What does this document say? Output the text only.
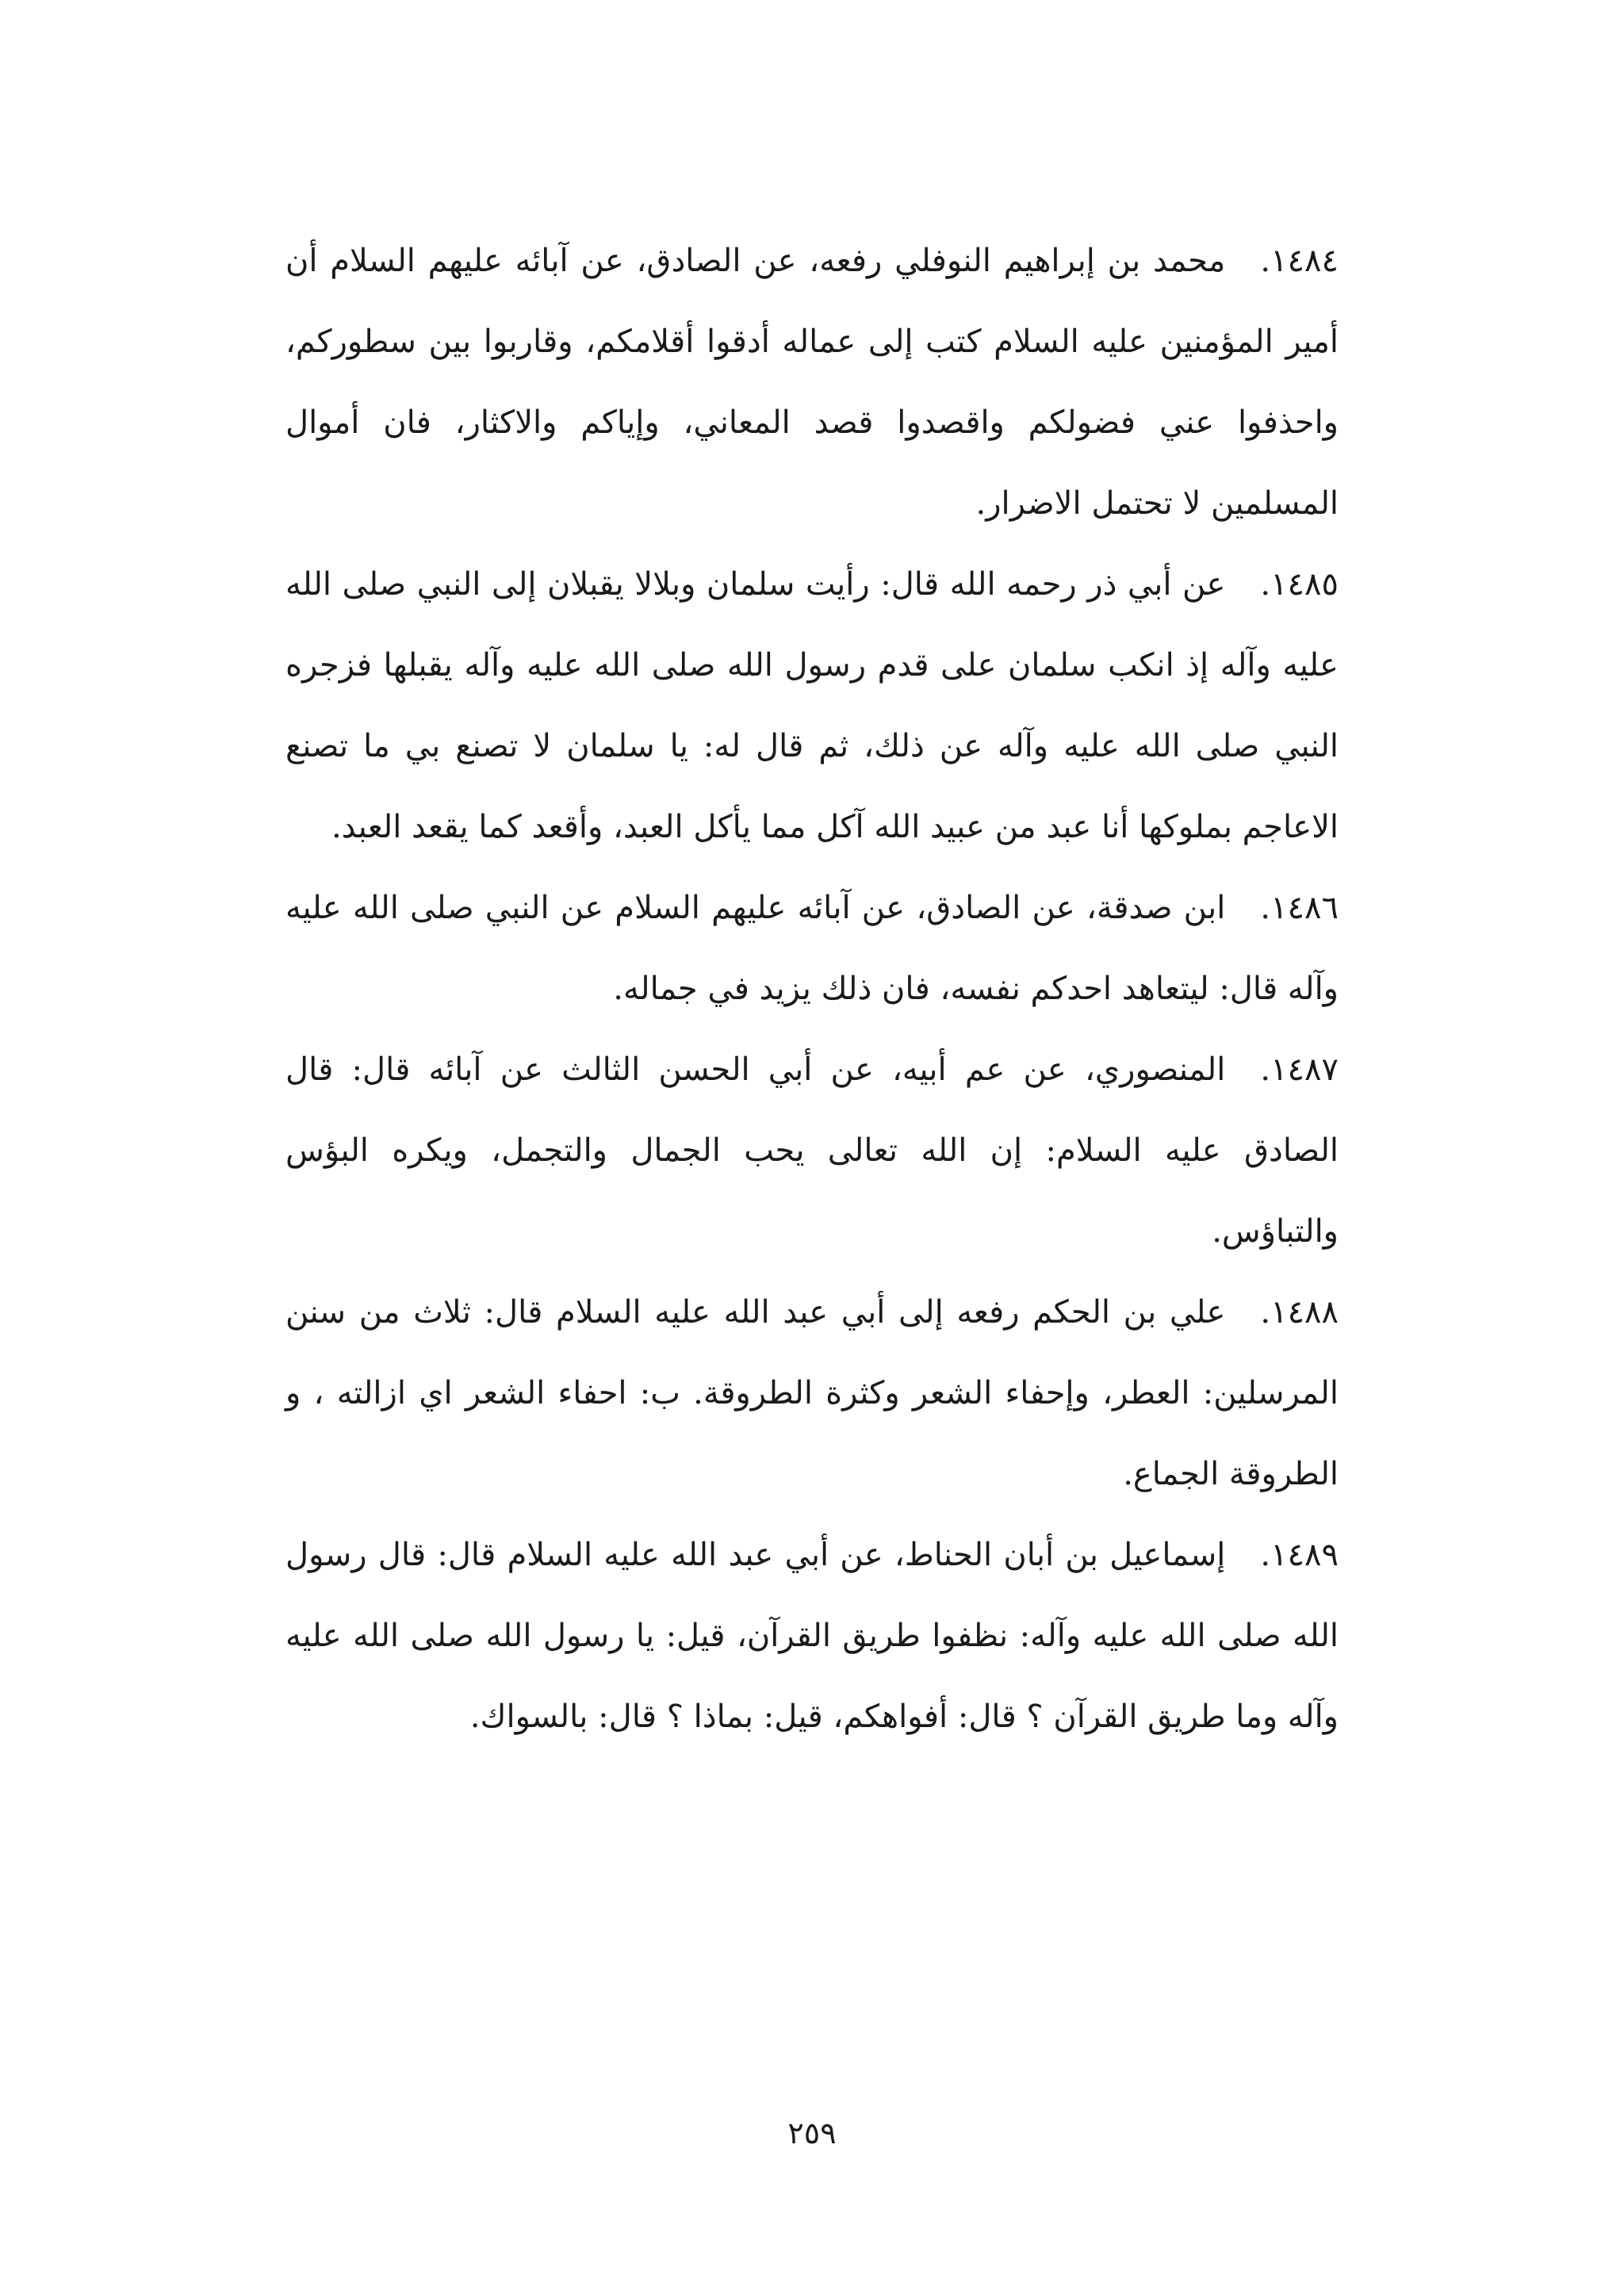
١٤٨٤.محمد بن إبراهيم النوفلي رفعه، عن الصادق، عن آبائه عليهم السلام أن أمير المؤمنين عليه السلام كتب إلى عماله أدقوا أقلامكم، وقاربوا بين سطوركم، واحذفوا عني فضولكم واقصدوا قصد المعاني، وإياكم والاكثار، فان أموال المسلمين لا تحتمل الاضرار.

١٤٨٥.عن أبي ذر رحمه الله قال: رأيت سلمان وبلالا يقبلان إلى النبي صلى الله عليه وآله إذ انكب سلمان على قدم رسول الله صلى الله عليه وآله يقبلها فزجره النبي صلى الله عليه وآله عن ذلك، ثم قال له: يا سلمان لا تصنع بي ما تصنع الاعاجم بملوكها أنا عبد من عبيد الله آكل مما يأكل العبد، وأقعد كما يقعد العبد.

١٤٨٦.ابن صدقة، عن الصادق، عن آبائه عليهم السلام عن النبي صلى الله عليه وآله قال: ليتعاهد احدكم نفسه، فان ذلك يزيد في جماله.

١٤٨٧.المنصوري، عن عم أبيه، عن أبي الحسن الثالث عن آبائه قال: قال الصادق عليه السلام: إن الله تعالى يحب الجمال والتجمل، ويكره البؤس والتباؤس.

١٤٨٨.علي بن الحكم رفعه إلى أبي عبد الله عليه السلام قال: ثلاث من سنن المرسلين: العطر، وإحفاء الشعر وكثرة الطروقة. ب: احفاء الشعر اي ازالته ، و الطروقة الجماع.

١٤٨٩.إسماعيل بن أبان الحناط، عن أبي عبد الله عليه السلام قال: قال رسول الله صلى الله عليه وآله: نظفوا طريق القرآن، قيل: يا رسول الله صلى الله عليه وآله وما طريق القرآن ؟ قال: أفواهكم، قيل: بماذا ؟ قال: بالسواك.

٢٥٩
